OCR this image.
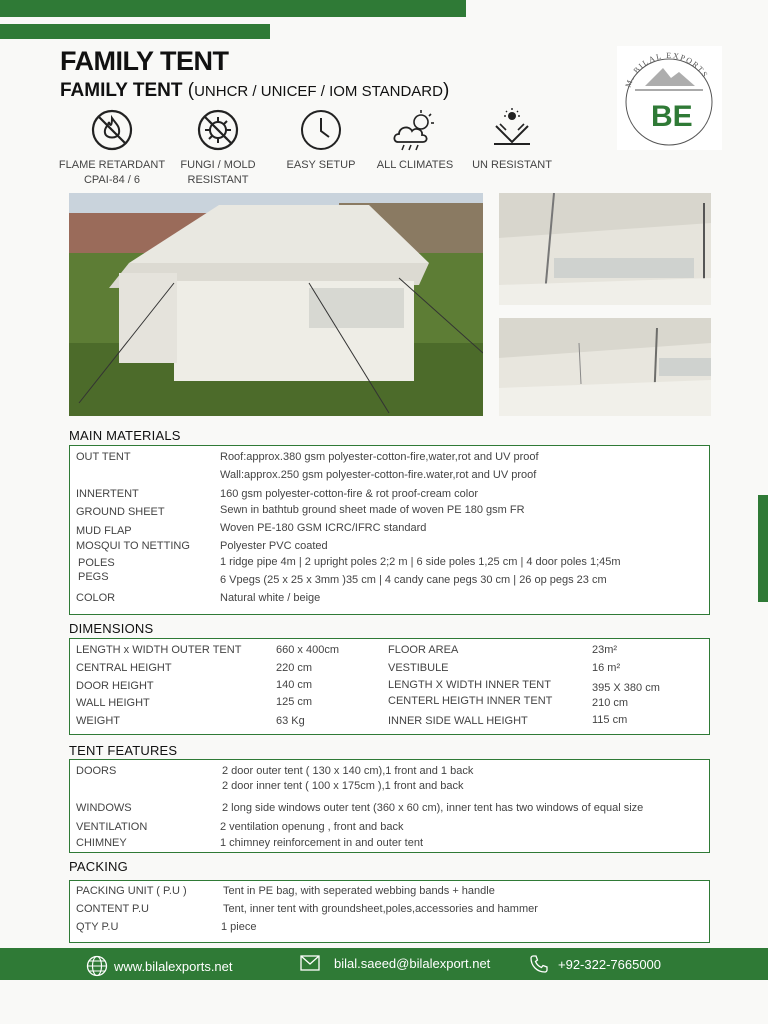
FAMILY TENT
FAMILY TENT (UNHCR / UNICEF / IOM STANDARD)	M. BILAL EXPORTS
BE
FLAME RETARDANT
CPAI-84 / 6
FUNGI / MOLD
RESISTANT
EASY SETUP	ALL CLIMATES	UN RESISTANT
MAIN MATERIALS
OUT TENT	Roof:approx.380 gsm polyester-cotton-fire,water,rot and UV proof
Wall:approx.250 gsm polyester-cotton-fire.water,rot and UV proof
INNERTENT	160 gsm polyester-cotton-fire & rot proof-cream color
GROUND SHEET	Sewn in bathtub ground sheet made of woven PE 180 gsm FR
MUD FLAP	Woven PE-180 GSM ICRC/IFRC standard
MOSQUI TO NETTING	Polyester PVC coated
POLES	1 ridge pipe 4m | 2 upright poles 2;2 m | 6 side poles 1,25 cm | 4 door poles 1;45m
PEGS	6 Vpegs (25 x 25 x 3mm )35 cm | 4 candy cane pegs 30 cm | 26 op pegs 23 cm
COLOR	Natural white / beige
DIMENSIONS
LENGTH x WIDTH OUTER TENT	660 x 400cm	FLOOR AREA	23m²
CENTRAL HEIGHT	220 cm	VESTIBULE	16 m²
DOOR HEIGHT	140 cm	LENGTH X WIDTH INNER TENT	395 X 380 cm
WALL HEIGHT	125 cm	CENTERL HEIGTH INNER TENT	210 cm
WEIGHT	63 Kg	INNER SIDE WALL HEIGHT	115 cm
TENT FEATURES
DOORS	2 door outer tent ( 130 x 140 cm),1 front and 1 back
2 door inner tent ( 100 x 175cm ),1 front and back
WINDOWS	2 long side windows outer tent (360 x 60 cm), inner tent has two windows of equal size
VENTILATION	2 ventilation openung , front and back
CHIMNEY	1 chimney reinforcement in and outer tent
PACKING
PACKING UNIT ( P.U )	Tent in PE bag, with seperated webbing bands + handle
CONTENT P.U	Tent, inner tent with groundsheet,poles,accessories and hammer
QTY P.U	1 piece
www.bilalexports.net	bilal.saeed@bilalexport.net	+92-322-7665000
